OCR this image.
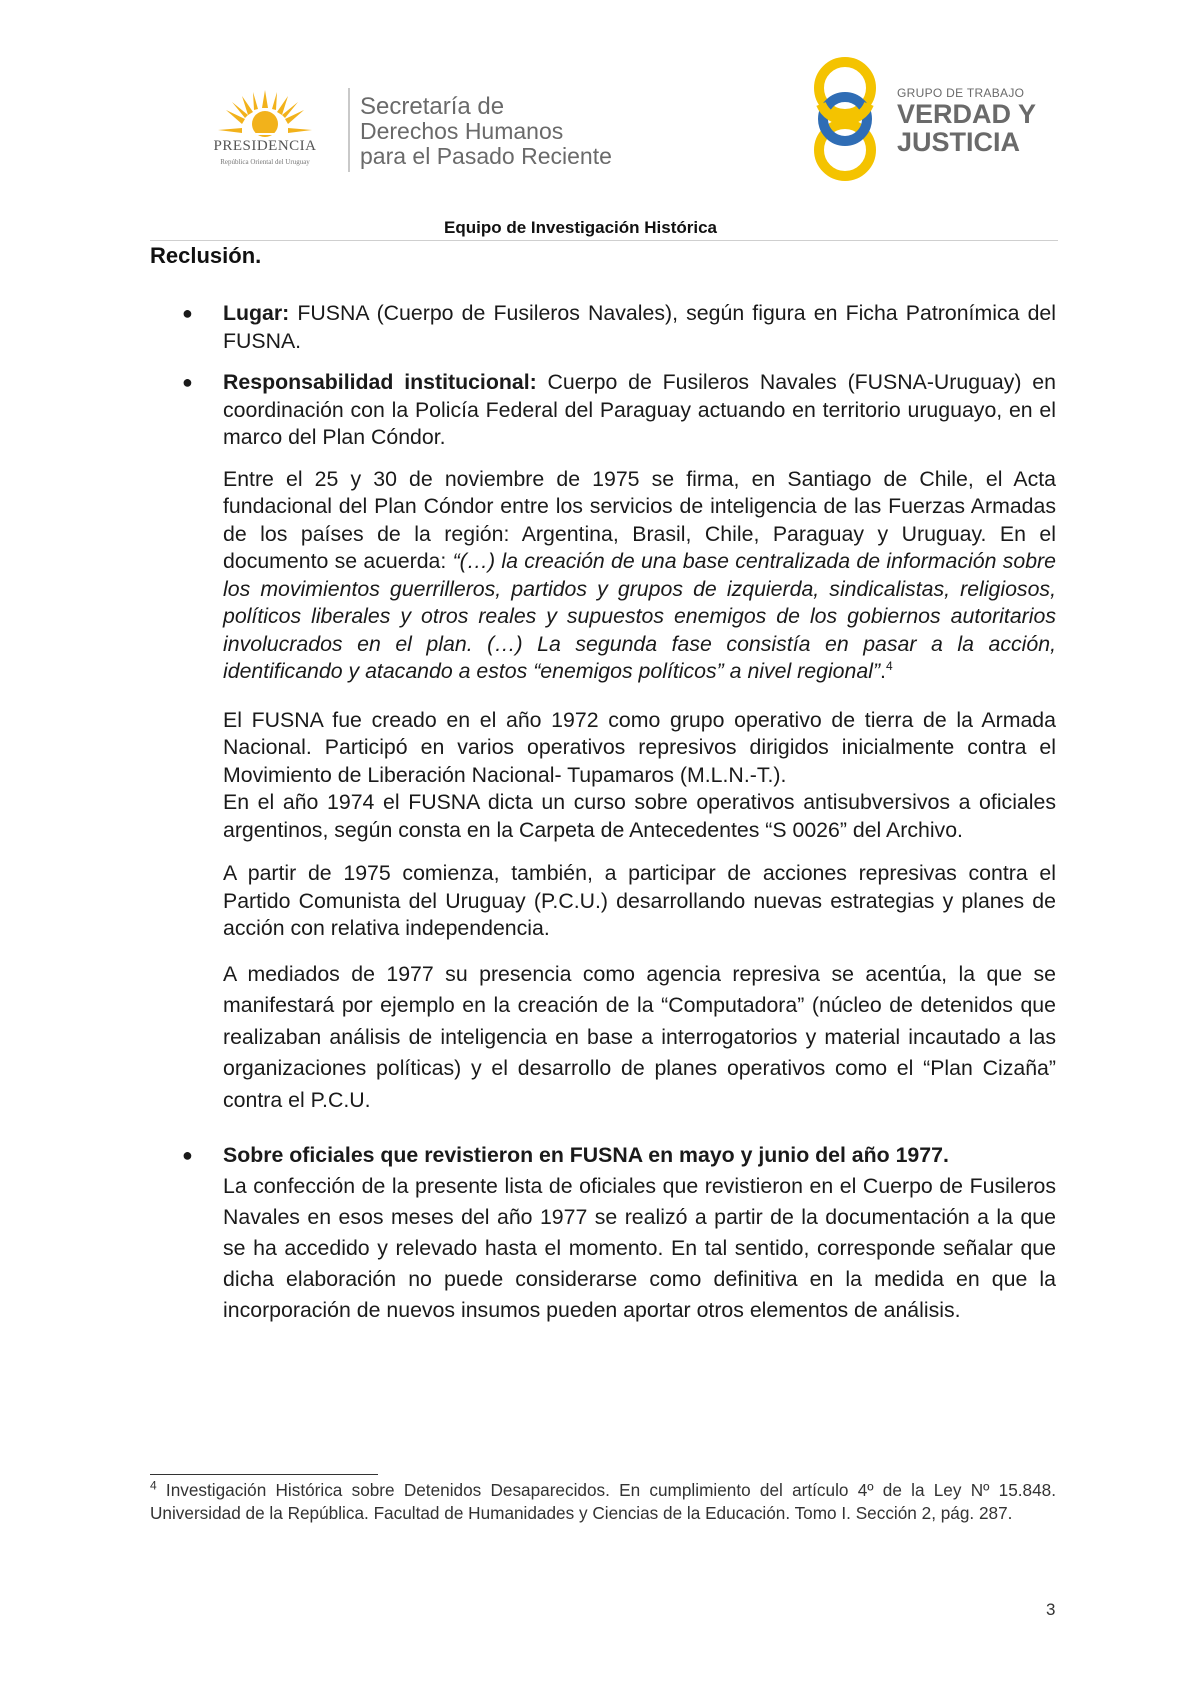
PRESIDENCIA
República Oriental del Uruguay
Secretaría de
Derechos Humanos
para el Pasado Reciente
GRUPO DE TRABAJO
VERDAD Y
JUSTICIA
Equipo de Investigación Histórica
Reclusión.
● Lugar: FUSNA (Cuerpo de Fusileros Navales), según figura en Ficha Patronímica del FUSNA.

● Responsabilidad institucional: Cuerpo de Fusileros Navales (FUSNA-Uruguay) en coordinación con la Policía Federal del Paraguay actuando en territorio uruguayo, en el marco del Plan Cóndor.

Entre el 25 y 30 de noviembre de 1975 se firma, en Santiago de Chile, el Acta fundacional del Plan Cóndor entre los servicios de inteligencia de las Fuerzas Armadas de los países de la región: Argentina, Brasil, Chile, Paraguay y Uruguay. En el documento se acuerda: “(…) la creación de una base centralizada de información sobre los movimientos guerrilleros, partidos y grupos de izquierda, sindicalistas, religiosos, políticos liberales y otros reales y supuestos enemigos de los gobiernos autoritarios involucrados en el plan. (…) La segunda fase consistía en pasar a la acción, identificando y atacando a estos “enemigos políticos” a nivel regional”.$^4$

El FUSNA fue creado en el año 1972 como grupo operativo de tierra de la Armada Nacional. Participó en varios operativos represivos dirigidos inicialmente contra el Movimiento de Liberación Nacional- Tupamaros (M.L.N.-T.).

En el año 1974 el FUSNA dicta un curso sobre operativos antisubversivos a oficiales argentinos, según consta en la Carpeta de Antecedentes “S 0026” del Archivo.

A partir de 1975 comienza, también, a participar de acciones represivas contra el Partido Comunista del Uruguay (P.C.U.) desarrollando nuevas estrategias y planes de acción con relativa independencia.

A mediados de 1977 su presencia como agencia represiva se acentúa, la que se manifestará por ejemplo en la creación de la “Computadora” (núcleo de detenidos que realizaban análisis de inteligencia en base a interrogatorios y material incautado a las organizaciones políticas) y el desarrollo de planes operativos como el “Plan Cizaña” contra el P.C.U.

● Sobre oficiales que revistieron en FUSNA en mayo y junio del año 1977.

La confección de la presente lista de oficiales que revistieron en el Cuerpo de Fusileros Navales en esos meses del año 1977 se realizó a partir de la documentación a la que se ha accedido y relevado hasta el momento. En tal sentido, corresponde señalar que dicha elaboración no puede considerarse como definitiva en la medida en que la incorporación de nuevos insumos pueden aportar otros elementos de análisis.

$^4$ Investigación Histórica sobre Detenidos Desaparecidos. En cumplimiento del artículo 4º de la Ley Nº 15.848. Universidad de la República. Facultad de Humanidades y Ciencias de la Educación. Tomo I. Sección 2, pág. 287.
3
